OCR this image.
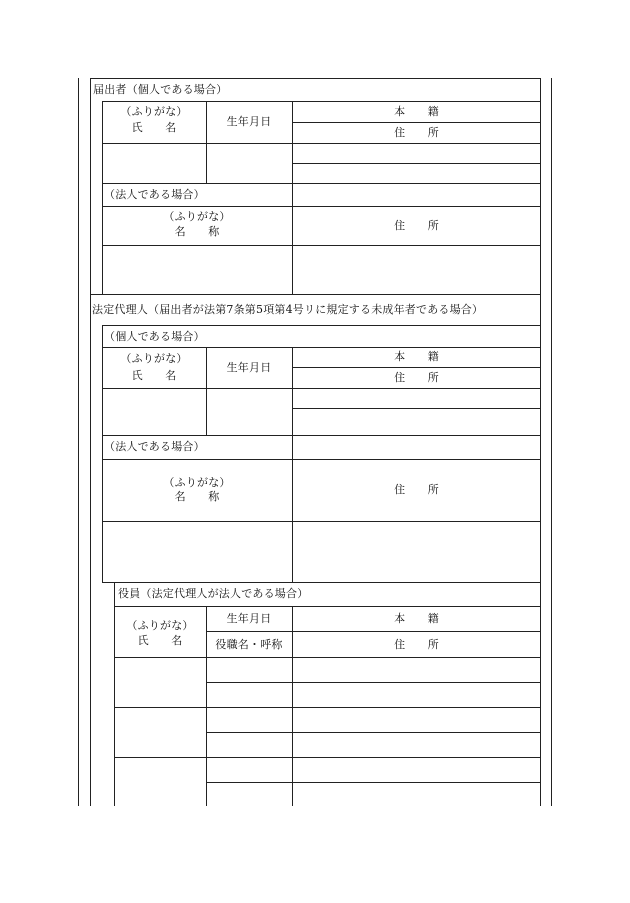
届出者（個人である場合）
（ふりがな）
氏　　名	生年月日
本　　籍
住　　所
（法人である場合）
（ふりがな）
名　　称	住　　所
法定代理人（届出者が法第7条第5項第4号リに規定する未成年者である場合）
（個人である場合）
（ふりがな）
氏　　名
生年月日
本　　籍
住　　所
（法人である場合）
（ふりがな）
名　　称
住　　所
役員（法定代理人が法人である場合）
（ふりがな）
氏　　名
生年月日
役職名・呼称
本　　籍
住　　所
